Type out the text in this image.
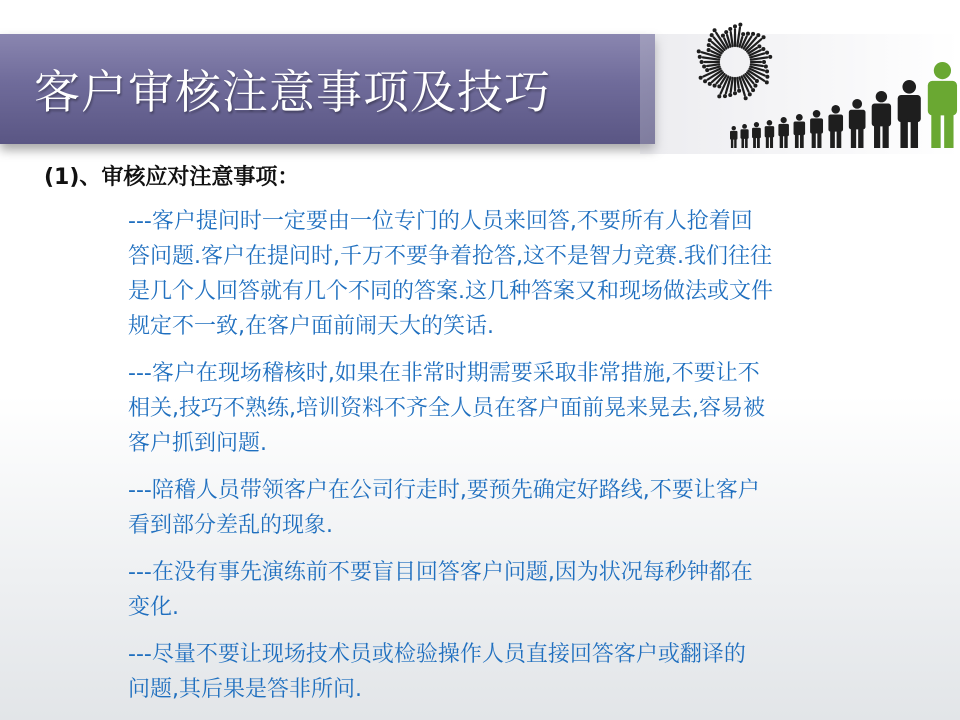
客户审核注意事项及技巧
(1)、审核应对注意事项：
---客户提问时一定要由一位专门的人员来回答,不要所有人抢着回
答问题.客户在提问时,千万不要争着抢答,这不是智力竞赛.我们往往
是几个人回答就有几个不同的答案.这几种答案又和现场做法或文件
规定不一致,在客户面前闹天大的笑话.
---客户在现场稽核时,如果在非常时期需要采取非常措施,不要让不
相关,技巧不熟练,培训资料不齐全人员在客户面前晃来晃去,容易被
客户抓到问题.
---陪稽人员带领客户在公司行走时,要预先确定好路线,不要让客户
看到部分差乱的现象.
---在没有事先演练前不要盲目回答客户问题,因为状况每秒钟都在
变化.
---尽量不要让现场技术员或检验操作人员直接回答客户或翻译的
问题,其后果是答非所问.
